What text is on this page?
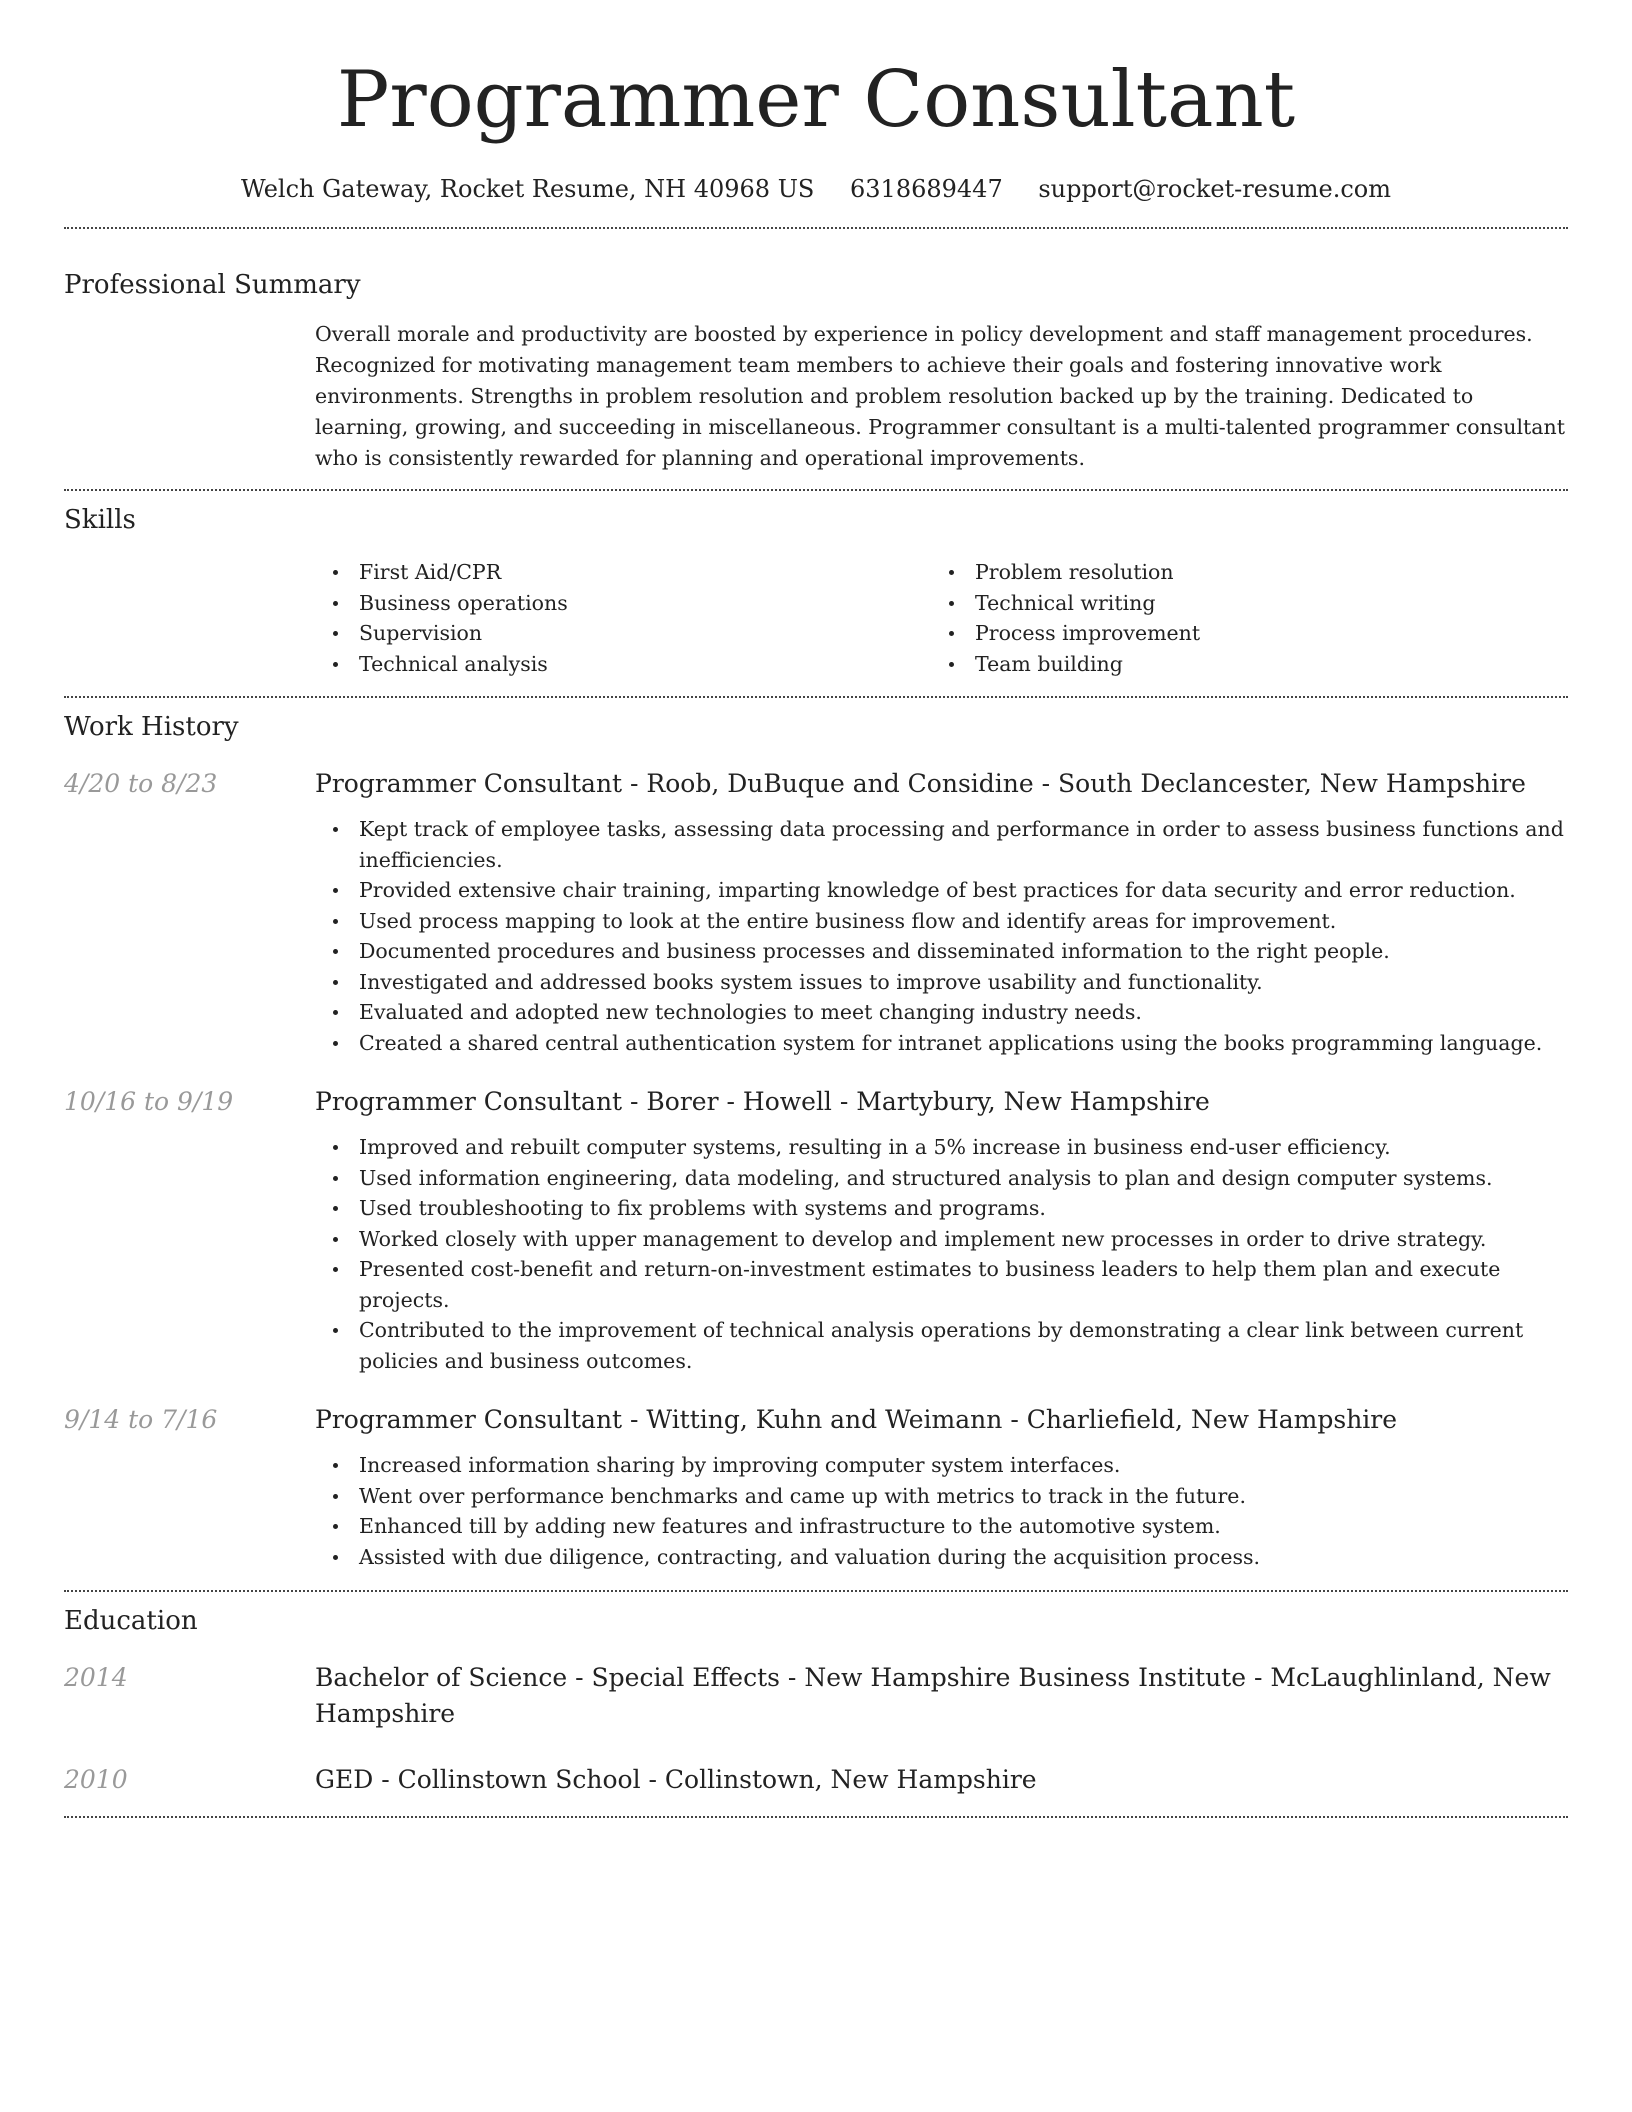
Programmer Consultant
Welch Gateway, Rocket Resume, NH 40968 US 6318689447 support@rocket-resume.com
Professional Summary
Overall morale and productivity are boosted by experience in policy development and staff management procedures. Recognized for motivating management team members to achieve their goals and fostering innovative work environments. Strengths in problem resolution and problem resolution backed up by the training. Dedicated to learning, growing, and succeeding in miscellaneous. Programmer consultant is a multi-talented programmer consultant who is consistently rewarded for planning and operational improvements.
Skills
First Aid/CPR
Business operations
Supervision
Technical analysis
Problem resolution
Technical writing
Process improvement
Team building
Work History
4/20 to 8/23	Programmer Consultant - Roob, DuBuque and Considine - South Declancester, New Hampshire
Kept track of employee tasks, assessing data processing and performance in order to assess business functions and inefficiencies.
Provided extensive chair training, imparting knowledge of best practices for data security and error reduction.
Used process mapping to look at the entire business flow and identify areas for improvement.
Documented procedures and business processes and disseminated information to the right people.
Investigated and addressed books system issues to improve usability and functionality.
Evaluated and adopted new technologies to meet changing industry needs.
Created a shared central authentication system for intranet applications using the books programming language.
10/16 to 9/19	Programmer Consultant - Borer - Howell - Martybury, New Hampshire
Improved and rebuilt computer systems, resulting in a 5% increase in business end-user efficiency.
Used information engineering, data modeling, and structured analysis to plan and design computer systems.
Used troubleshooting to fix problems with systems and programs.
Worked closely with upper management to develop and implement new processes in order to drive strategy.
Presented cost-benefit and return-on-investment estimates to business leaders to help them plan and execute projects.
Contributed to the improvement of technical analysis operations by demonstrating a clear link between current policies and business outcomes.
9/14 to 7/16	Programmer Consultant - Witting, Kuhn and Weimann - Charliefield, New Hampshire
Increased information sharing by improving computer system interfaces.
Went over performance benchmarks and came up with metrics to track in the future.
Enhanced till by adding new features and infrastructure to the automotive system.
Assisted with due diligence, contracting, and valuation during the acquisition process.
Education
2014	Bachelor of Science - Special Effects - New Hampshire Business Institute - McLaughlinland, New Hampshire
2010	GED - Collinstown School - Collinstown, New Hampshire
